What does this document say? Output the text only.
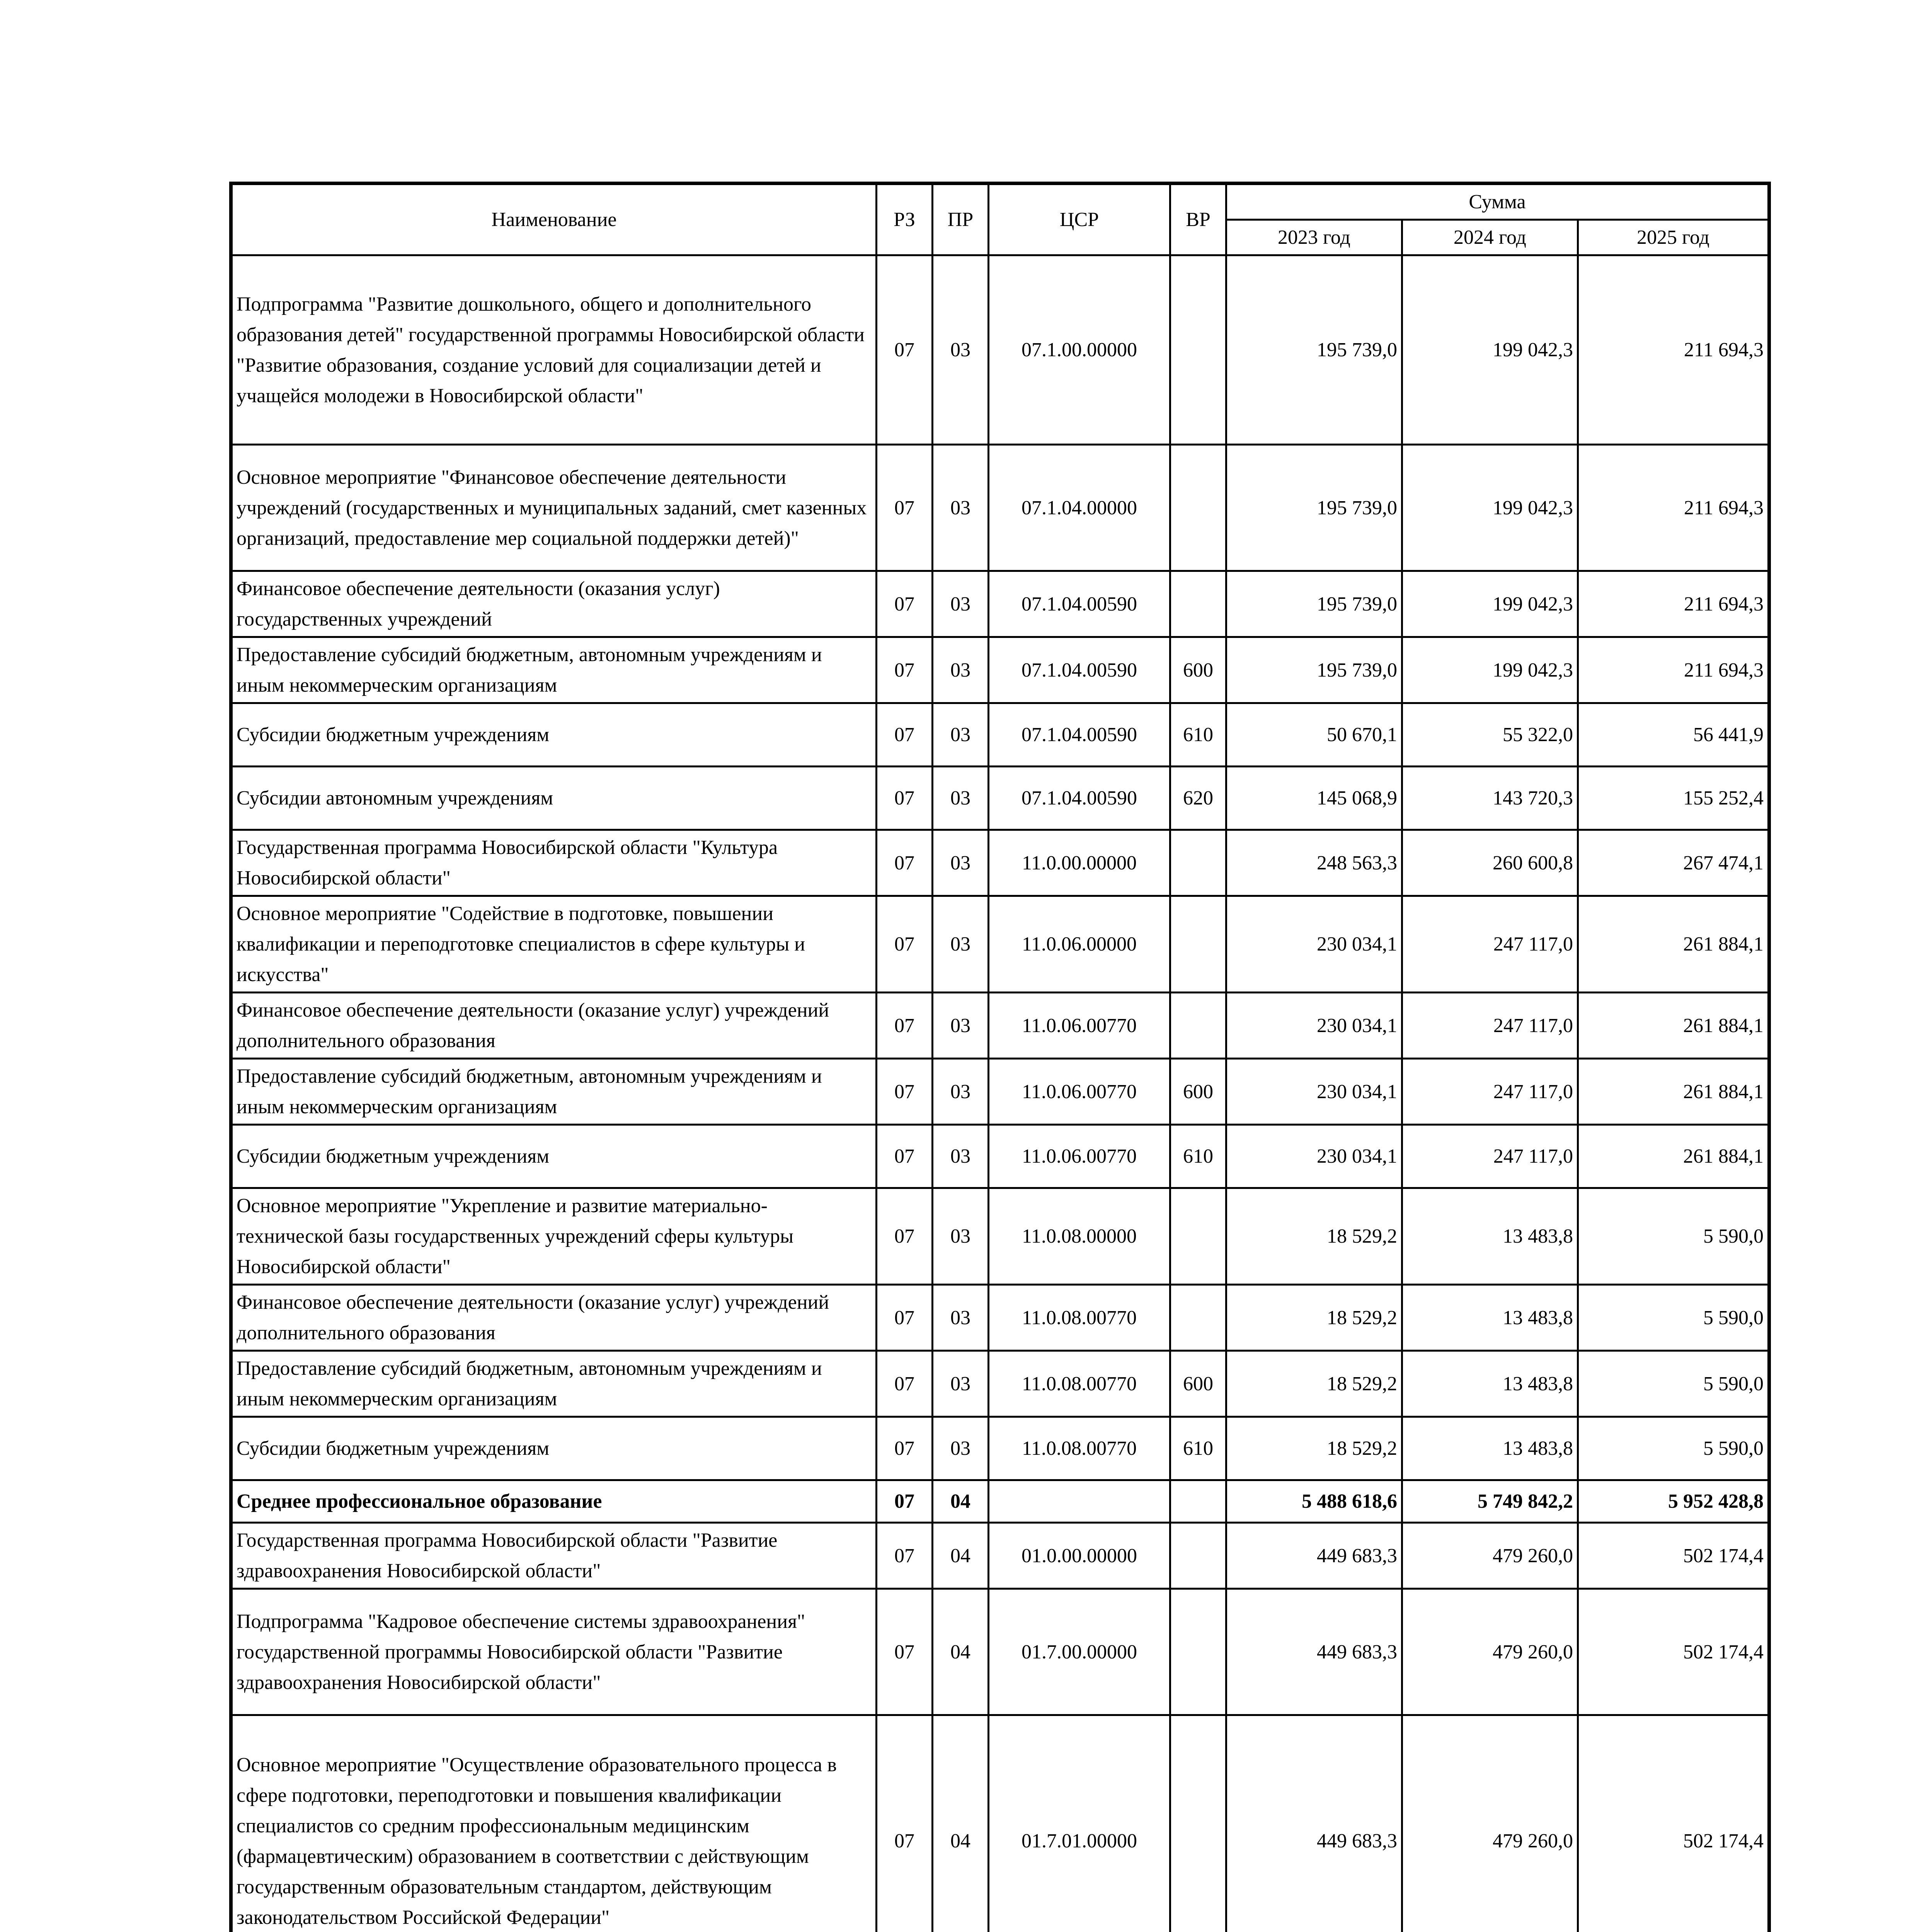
Наименование	РЗ	ПР	ЦСР	ВР	Сумма		
					2023 год	2024 год	2025 год
Подпрограмма "Развитие дошкольного, общего и дополнительного образования детей" государственной программы Новосибирской области "Развитие образования, создание условий для социализации детей и учащейся молодежи в Новосибирской области"	07	03	07.1.00.00000		195 739,0	199 042,3	211 694,3
Основное мероприятие "Финансовое обеспечение деятельности учреждений (государственных и муниципальных заданий, смет казенных организаций, предоставление мер социальной поддержки детей)"	07	03	07.1.04.00000		195 739,0	199 042,3	211 694,3
Финансовое обеспечение деятельности (оказания услуг) государственных учреждений	07	03	07.1.04.00590		195 739,0	199 042,3	211 694,3
Предоставление субсидий бюджетным, автономным учреждениям и иным некоммерческим организациям	07	03	07.1.04.00590	600	195 739,0	199 042,3	211 694,3
Субсидии бюджетным учреждениям	07	03	07.1.04.00590	610	50 670,1	55 322,0	56 441,9
Субсидии автономным учреждениям	07	03	07.1.04.00590	620	145 068,9	143 720,3	155 252,4
Государственная программа Новосибирской области "Культура Новосибирской области"	07	03	11.0.00.00000		248 563,3	260 600,8	267 474,1
Основное мероприятие "Содействие в подготовке, повышении квалификации и переподготовке специалистов в сфере культуры и искусства"	07	03	11.0.06.00000		230 034,1	247 117,0	261 884,1
Финансовое обеспечение деятельности (оказание услуг) учреждений дополнительного образования	07	03	11.0.06.00770		230 034,1	247 117,0	261 884,1
Предоставление субсидий бюджетным, автономным учреждениям и иным некоммерческим организациям	07	03	11.0.06.00770	600	230 034,1	247 117,0	261 884,1
Субсидии бюджетным учреждениям	07	03	11.0.06.00770	610	230 034,1	247 117,0	261 884,1
Основное мероприятие "Укрепление и развитие материально-технической базы государственных учреждений сферы культуры Новосибирской области"	07	03	11.0.08.00000		18 529,2	13 483,8	5 590,0
Финансовое обеспечение деятельности (оказание услуг) учреждений дополнительного образования	07	03	11.0.08.00770		18 529,2	13 483,8	5 590,0
Предоставление субсидий бюджетным, автономным учреждениям и иным некоммерческим организациям	07	03	11.0.08.00770	600	18 529,2	13 483,8	5 590,0
Субсидии бюджетным учреждениям	07	03	11.0.08.00770	610	18 529,2	13 483,8	5 590,0
Среднее профессиональное образование	07	04			5 488 618,6	5 749 842,2	5 952 428,8
Государственная программа Новосибирской области "Развитие здравоохранения Новосибирской области"	07	04	01.0.00.00000		449 683,3	479 260,0	502 174,4
Подпрограмма "Кадровое обеспечение системы здравоохранения" государственной программы Новосибирской области "Развитие здравоохранения Новосибирской области"	07	04	01.7.00.00000		449 683,3	479 260,0	502 174,4
Основное мероприятие "Осуществление образовательного процесса в сфере подготовки, переподготовки и повышения квалификации специалистов со средним профессиональным медицинским (фармацевтическим) образованием в соответствии с действующим государственным образовательным стандартом, действующим законодательством Российской Федерации"	07	04	01.7.01.00000		449 683,3	479 260,0	502 174,4
